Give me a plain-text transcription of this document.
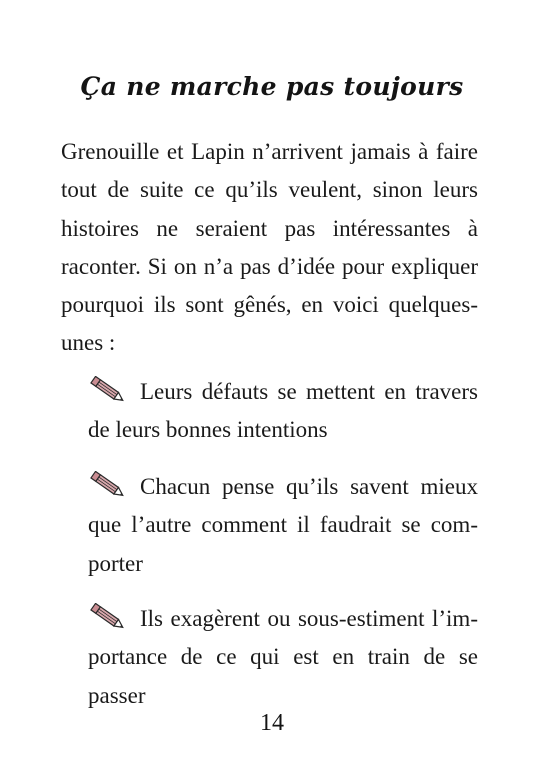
Ça ne marche pas toujours

Grenouille et Lapin n’arrivent jamais à faire tout de suite ce qu’ils veulent, sinon leurs histoires ne seraient pas intéressantes à raconter. Si on n’a pas d’idée pour expliquer pourquoi ils sont gênés, en voici quelques-unes :

Leurs défauts se mettent en travers de leurs bonnes intentions

Chacun pense qu’ils savent mieux que l’autre comment il faudrait se comporter

Ils exagèrent ou sous-estiment l’importance de ce qui est en train de se passer

14
